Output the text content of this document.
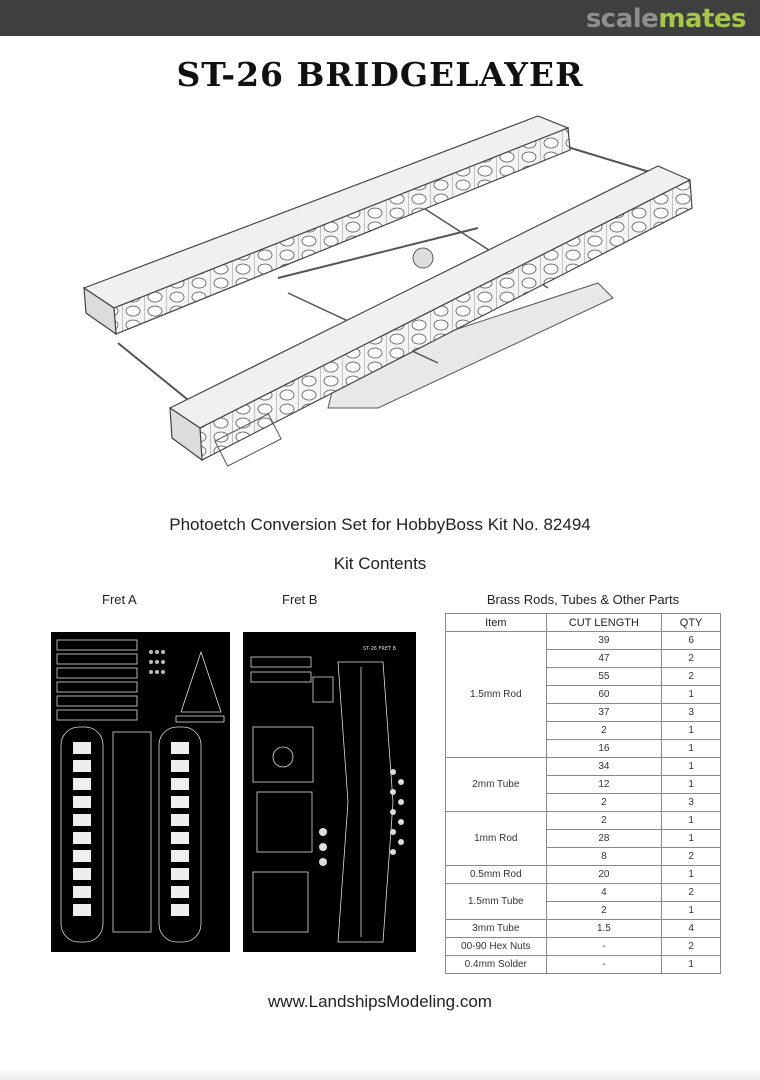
scalemates
ST-26 BRIDGELAYER
Photoetch Conversion Set for HobbyBoss Kit No. 82494
Kit Contents
Fret A	Fret B
ST-26 FRET B
Brass Rods, Tubes & Other Parts
Item	CUT LENGTH	QTY
1.5mm Rod	39	6
	47	2
	55	2
	60	1
	37	3
	2	1
	16	1
2mm Tube	34	1
	12	1
	2	3
1mm Rod	2	1
	28	1
	8	2
0.5mm Rod	20	1
1.5mm Tube	4	2
	2	1
3mm Tube	1.5	4
00-90 Hex Nuts	-	2
0.4mm Solder	-	1
www.LandshipsModeling.com
